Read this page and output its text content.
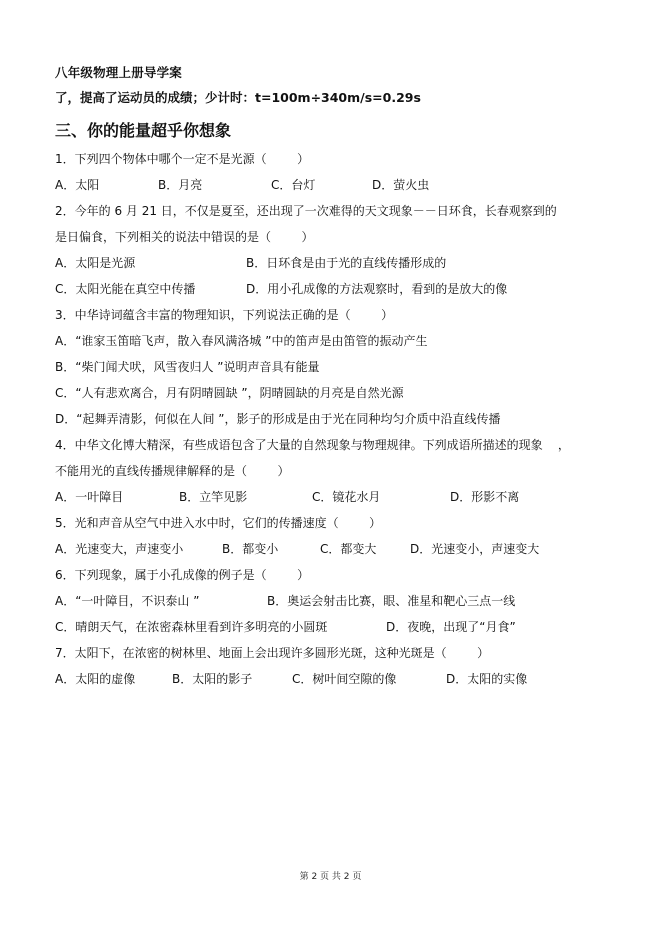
八年级物理上册导学案
了，提高了运动员的成绩；少计时：t=100m÷340m/s=0.29s
三、你的能量超乎你想象
1．下列四个物体中哪个一定不是光源（        ）
A．太阳	B．月亮	C．台灯	D．萤火虫
2．今年的 6 月 21 日，不仅是夏至，还出现了一次难得的天文现象－－日环食，长春观察到的
是日偏食，下列相关的说法中错误的是（        ）
A．太阳是光源	B．日环食是由于光的直线传播形成的
C．太阳光能在真空中传播	D．用小孔成像的方法观察时，看到的是放大的像
3．中华诗词蕴含丰富的物理知识，下列说法正确的是（        ）
A．“谁家玉笛暗飞声，散入春风满洛城 ”中的笛声是由笛管的振动产生
B．“柴门闻犬吠，风雪夜归人 ”说明声音具有能量
C．“人有悲欢离合，月有阴晴圆缺 ”，阴晴圆缺的月亮是自然光源
D．“起舞弄清影，何似在人间 ”，影子的形成是由于光在同种均匀介质中沿直线传播
4．中华文化博大精深，有些成语包含了大量的自然现象与物理规律。下列成语所描述的现象    ，
不能用光的直线传播规律解释的是（        ）
A．一叶障目	B．立竿见影	C．镜花水月	D．形影不离
5．光和声音从空气中进入水中时，它们的传播速度（        ）
A．光速变大，声速变小	B．都变小	C．都变大	D．光速变小，声速变大
6．下列现象，属于小孔成像的例子是（        ）
A．“一叶障目，不识泰山 ”	B．奥运会射击比赛，眼、准星和靶心三点一线
C．晴朗天气，在浓密森林里看到许多明亮的小圆斑	D．夜晚，出现了“月食”
7．太阳下，在浓密的树林里、地面上会出现许多圆形光斑，这种光斑是（        ）
A．太阳的虚像	B．太阳的影子	C．树叶间空隙的像	D．太阳的实像
第 2 页 共 2 页
